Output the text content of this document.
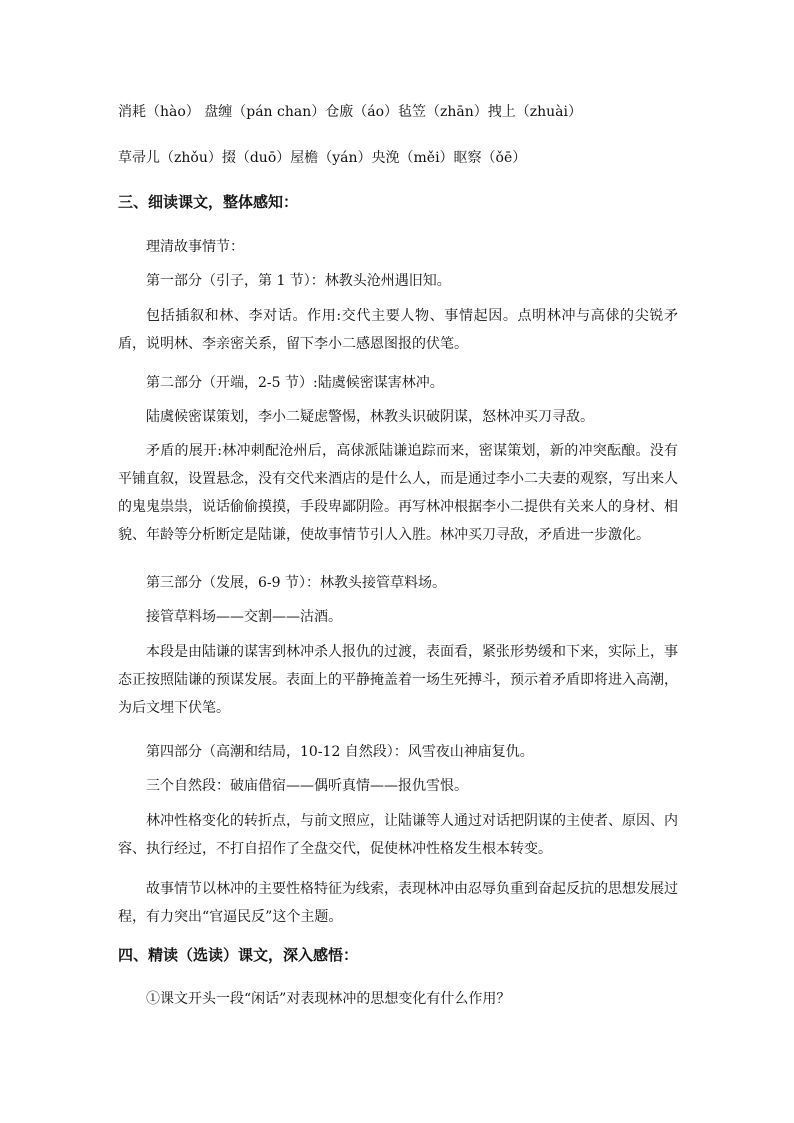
消耗（hào） 盘缠（pán chan）仓廒（áo）毡笠（zhān）拽上（zhuài）
草帚儿（zhǒu）掇（duō）屋檐（yán）央浼（měi）眍察（ǒē）
三、细读课文，整体感知：
理清故事情节：
第一部分（引子，第 1 节）：林教头沧州遇旧知。
包括插叙和林、李对话。作用:交代主要人物、事情起因。点明林冲与高俅的尖锐矛盾，说明林、李亲密关系，留下李小二感恩图报的伏笔。
第二部分（开端，2-5 节）:陆虞候密谋害林冲。
陆虞候密谋策划，李小二疑虑警惕，林教头识破阴谋，怒林冲买刀寻敌。
矛盾的展开:林冲刺配沧州后，高俅派陆谦追踪而来，密谋策划，新的冲突酝酿。没有平铺直叙，设置悬念，没有交代来酒店的是什么人，而是通过李小二夫妻的观察，写出来人的鬼鬼祟祟，说话偷偷摸摸，手段卑鄙阴险。再写林冲根据李小二提供有关来人的身材、相貌、年龄等分析断定是陆谦，使故事情节引人入胜。林冲买刀寻敌，矛盾进一步激化。
第三部分（发展，6-9 节）：林教头接管草料场。
接管草料场——交割——沽酒。
本段是由陆谦的谋害到林冲杀人报仇的过渡，表面看，紧张形势缓和下来，实际上，事态正按照陆谦的预谋发展。表面上的平静掩盖着一场生死搏斗，预示着矛盾即将进入高潮，为后文埋下伏笔。
第四部分（高潮和结局，10-12 自然段）：风雪夜山神庙复仇。
三个自然段：破庙借宿——偶听真情——报仇雪恨。
林冲性格变化的转折点，与前文照应，让陆谦等人通过对话把阴谋的主使者、原因、内容、执行经过，不打自招作了全盘交代，促使林冲性格发生根本转变。
故事情节以林冲的主要性格特征为线索，表现林冲由忍辱负重到奋起反抗的思想发展过程，有力突出“官逼民反”这个主题。
四、精读（选读）课文，深入感悟：
①课文开头一段“闲话”对表现林冲的思想变化有什么作用？
